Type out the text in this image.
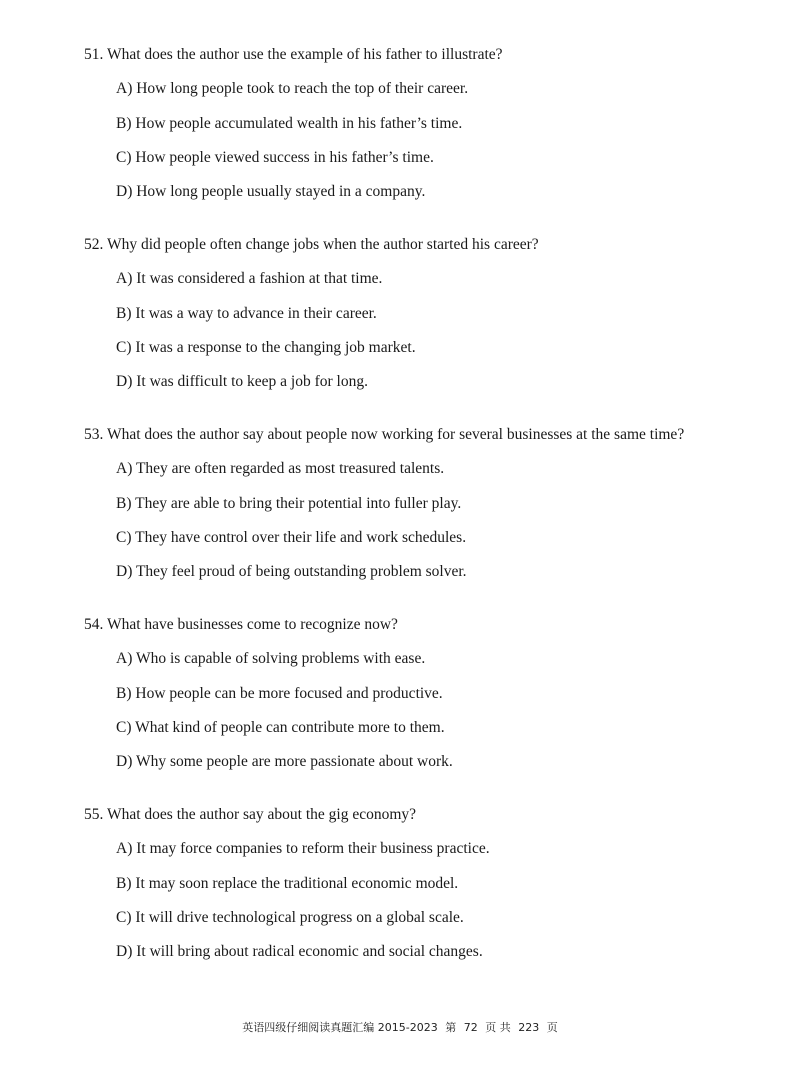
51. What does the author use the example of his father to illustrate?
A) How long people took to reach the top of their career.
B) How people accumulated wealth in his father’s time.
C) How people viewed success in his father’s time.
D) How long people usually stayed in a company.
52. Why did people often change jobs when the author started his career?
A) It was considered a fashion at that time.
B) It was a way to advance in their career.
C) It was a response to the changing job market.
D) It was difficult to keep a job for long.
53. What does the author say about people now working for several businesses at the same time?
A) They are often regarded as most treasured talents.
B) They are able to bring their potential into fuller play.
C) They have control over their life and work schedules.
D) They feel proud of being outstanding problem solver.
54. What have businesses come to recognize now?
A) Who is capable of solving problems with ease.
B) How people can be more focused and productive.
C) What kind of people can contribute more to them.
D) Why some people are more passionate about work.
55. What does the author say about the gig economy?
A) It may force companies to reform their business practice.
B) It may soon replace the traditional economic model.
C) It will drive technological progress on a global scale.
D) It will bring about radical economic and social changes.
英语四级仔细阅读真题汇编 2015-2023 第 72 页 共 223 页
